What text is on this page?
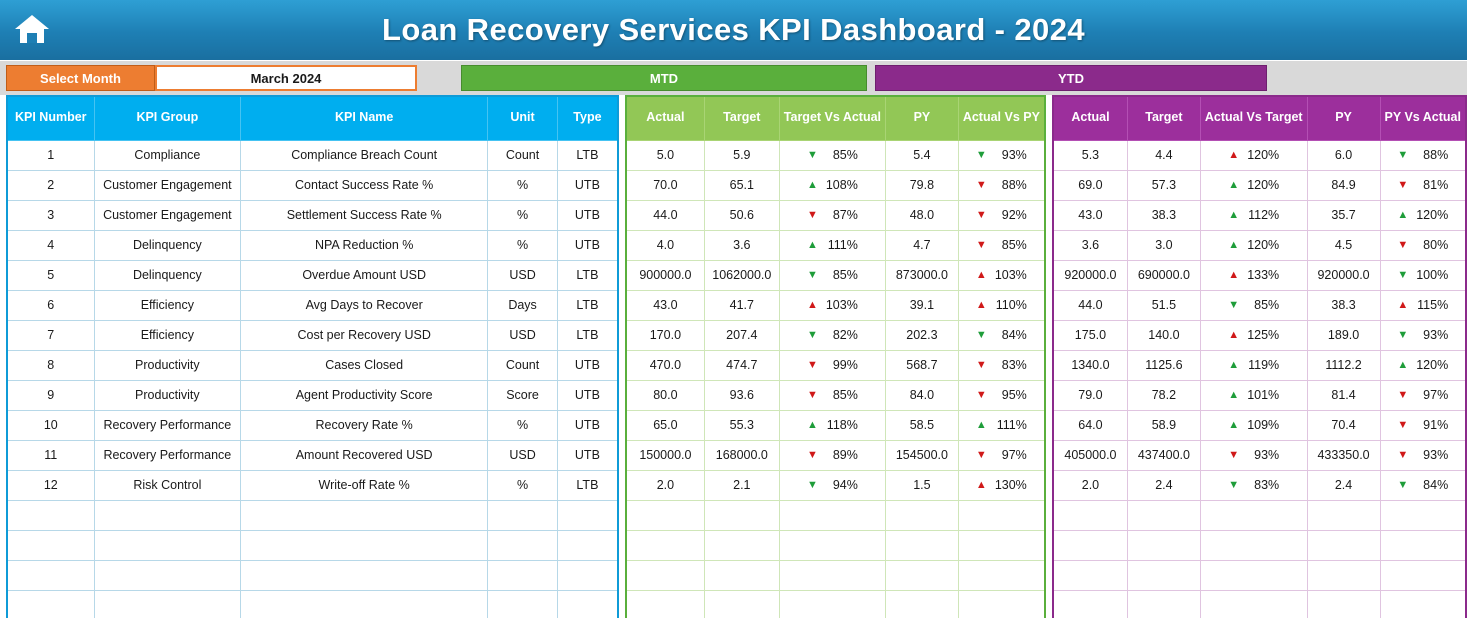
Loan Recovery Services KPI Dashboard - 2024
Select Month	March 2024	MTD	YTD
KPI Number	KPI Group	KPI Name	Unit	Type
1	Compliance	Compliance Breach Count	Count	LTB
2	Customer Engagement	Contact Success Rate %	%	UTB
3	Customer Engagement	Settlement Success Rate %	%	UTB
4	Delinquency	NPA Reduction %	%	UTB
5	Delinquency	Overdue Amount USD	USD	LTB
6	Efficiency	Avg Days to Recover	Days	LTB
7	Efficiency	Cost per Recovery USD	USD	LTB
8	Productivity	Cases Closed	Count	UTB
9	Productivity	Agent Productivity Score	Score	UTB
10	Recovery Performance	Recovery Rate %	%	UTB
11	Recovery Performance	Amount Recovered USD	USD	UTB
12	Risk Control	Write-off Rate %	%	LTB

Actual	Target	Target Vs Actual	PY	Actual Vs PY
5.0	5.9	▼ 85%	5.4	▼ 93%

70.0	65.1	▲ 108%	79.8	▼ 88%

44.0	50.6	▼ 87%	48.0	▼ 92%

4.0	3.6	▲ 111%	4.7	▼ 85%

900000.0	1062000.0	▼ 85%	873000.0	▲ 103%

43.0	41.7	▲ 103%	39.1	▲ 110%

170.0	207.4	▼ 82%	202.3	▼ 84%

470.0	474.7	▼ 99%	568.7	▼ 83%

80.0	93.6	▼ 85%	84.0	▼ 95%

65.0	55.3	▲ 118%	58.5	▲ 111%

150000.0	168000.0	▼ 89%	154500.0	▼ 97%

2.0	2.1	▼ 94%	1.5	▲ 130%

Actual	Target	Actual Vs Target	PY	PY Vs Actual
5.3	4.4	▲ 120%	6.0	▼ 88%

69.0	57.3	▲ 120%	84.9	▼ 81%

43.0	38.3	▲ 112%	35.7	▲ 120%

3.6	3.0	▲ 120%	4.5	▼ 80%

920000.0	690000.0	▲ 133%	920000.0	▼ 100%

44.0	51.5	▼ 85%	38.3	▲ 115%

175.0	140.0	▲ 125%	189.0	▼ 93%

1340.0	1125.6	▲ 119%	1112.2	▲ 120%

79.0	78.2	▲ 101%	81.4	▼ 97%

64.0	58.9	▲ 109%	70.4	▼ 91%

405000.0	437400.0	▼ 93%	433350.0	▼ 93%

2.0	2.4	▼ 83%	2.4	▼ 84%
